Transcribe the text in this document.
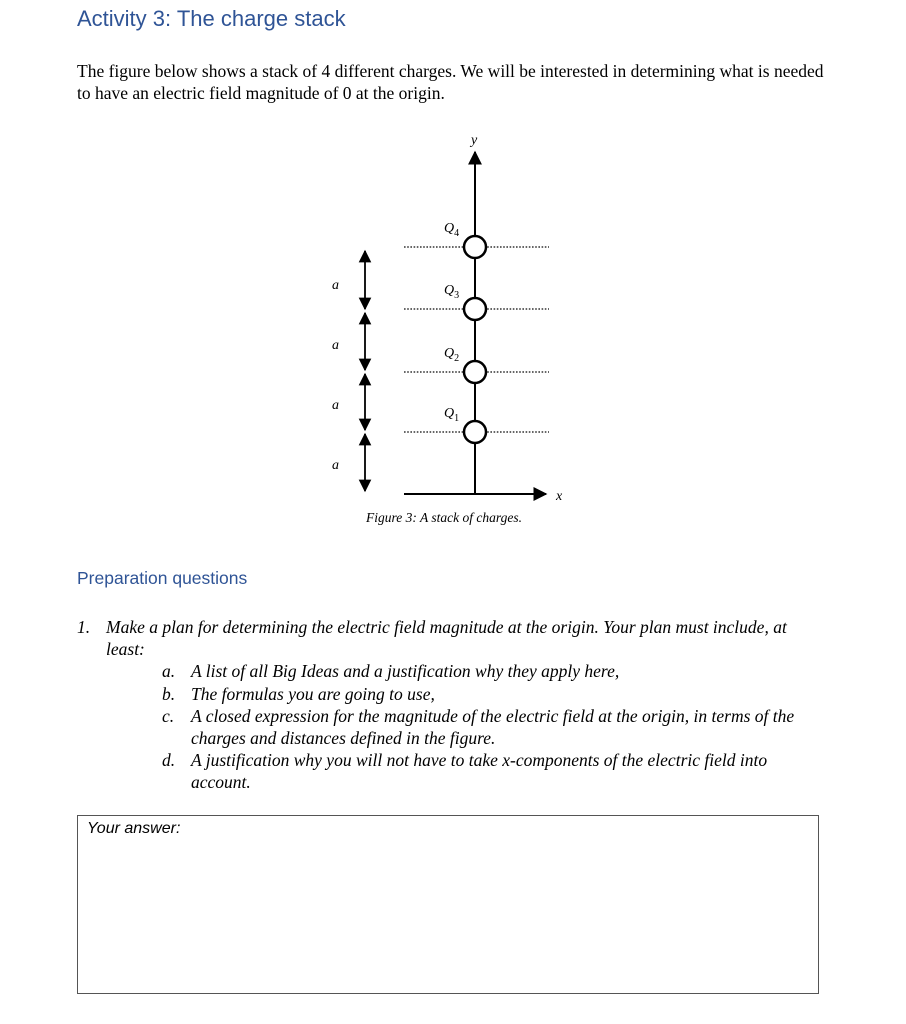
Activity 3: The charge stack

The figure below shows a stack of 4 different charges. We will be interested in determining what is needed to have an electric field magnitude of 0 at the origin.

y
x
$Q_4$
$Q_3$
$Q_2$
$Q_1$
a
a
a
a
Figure 3: A stack of charges.
Preparation questions
1. Make a plan for determining the electric field magnitude at the origin. Your plan must include, at least:
a. A list of all Big Ideas and a justification why they apply here,
b. The formulas you are going to use,
c. A closed expression for the magnitude of the electric field at the origin, in terms of the charges and distances defined in the figure.
d. A justification why you will not have to take x-components of the electric field into account.
Your answer:
